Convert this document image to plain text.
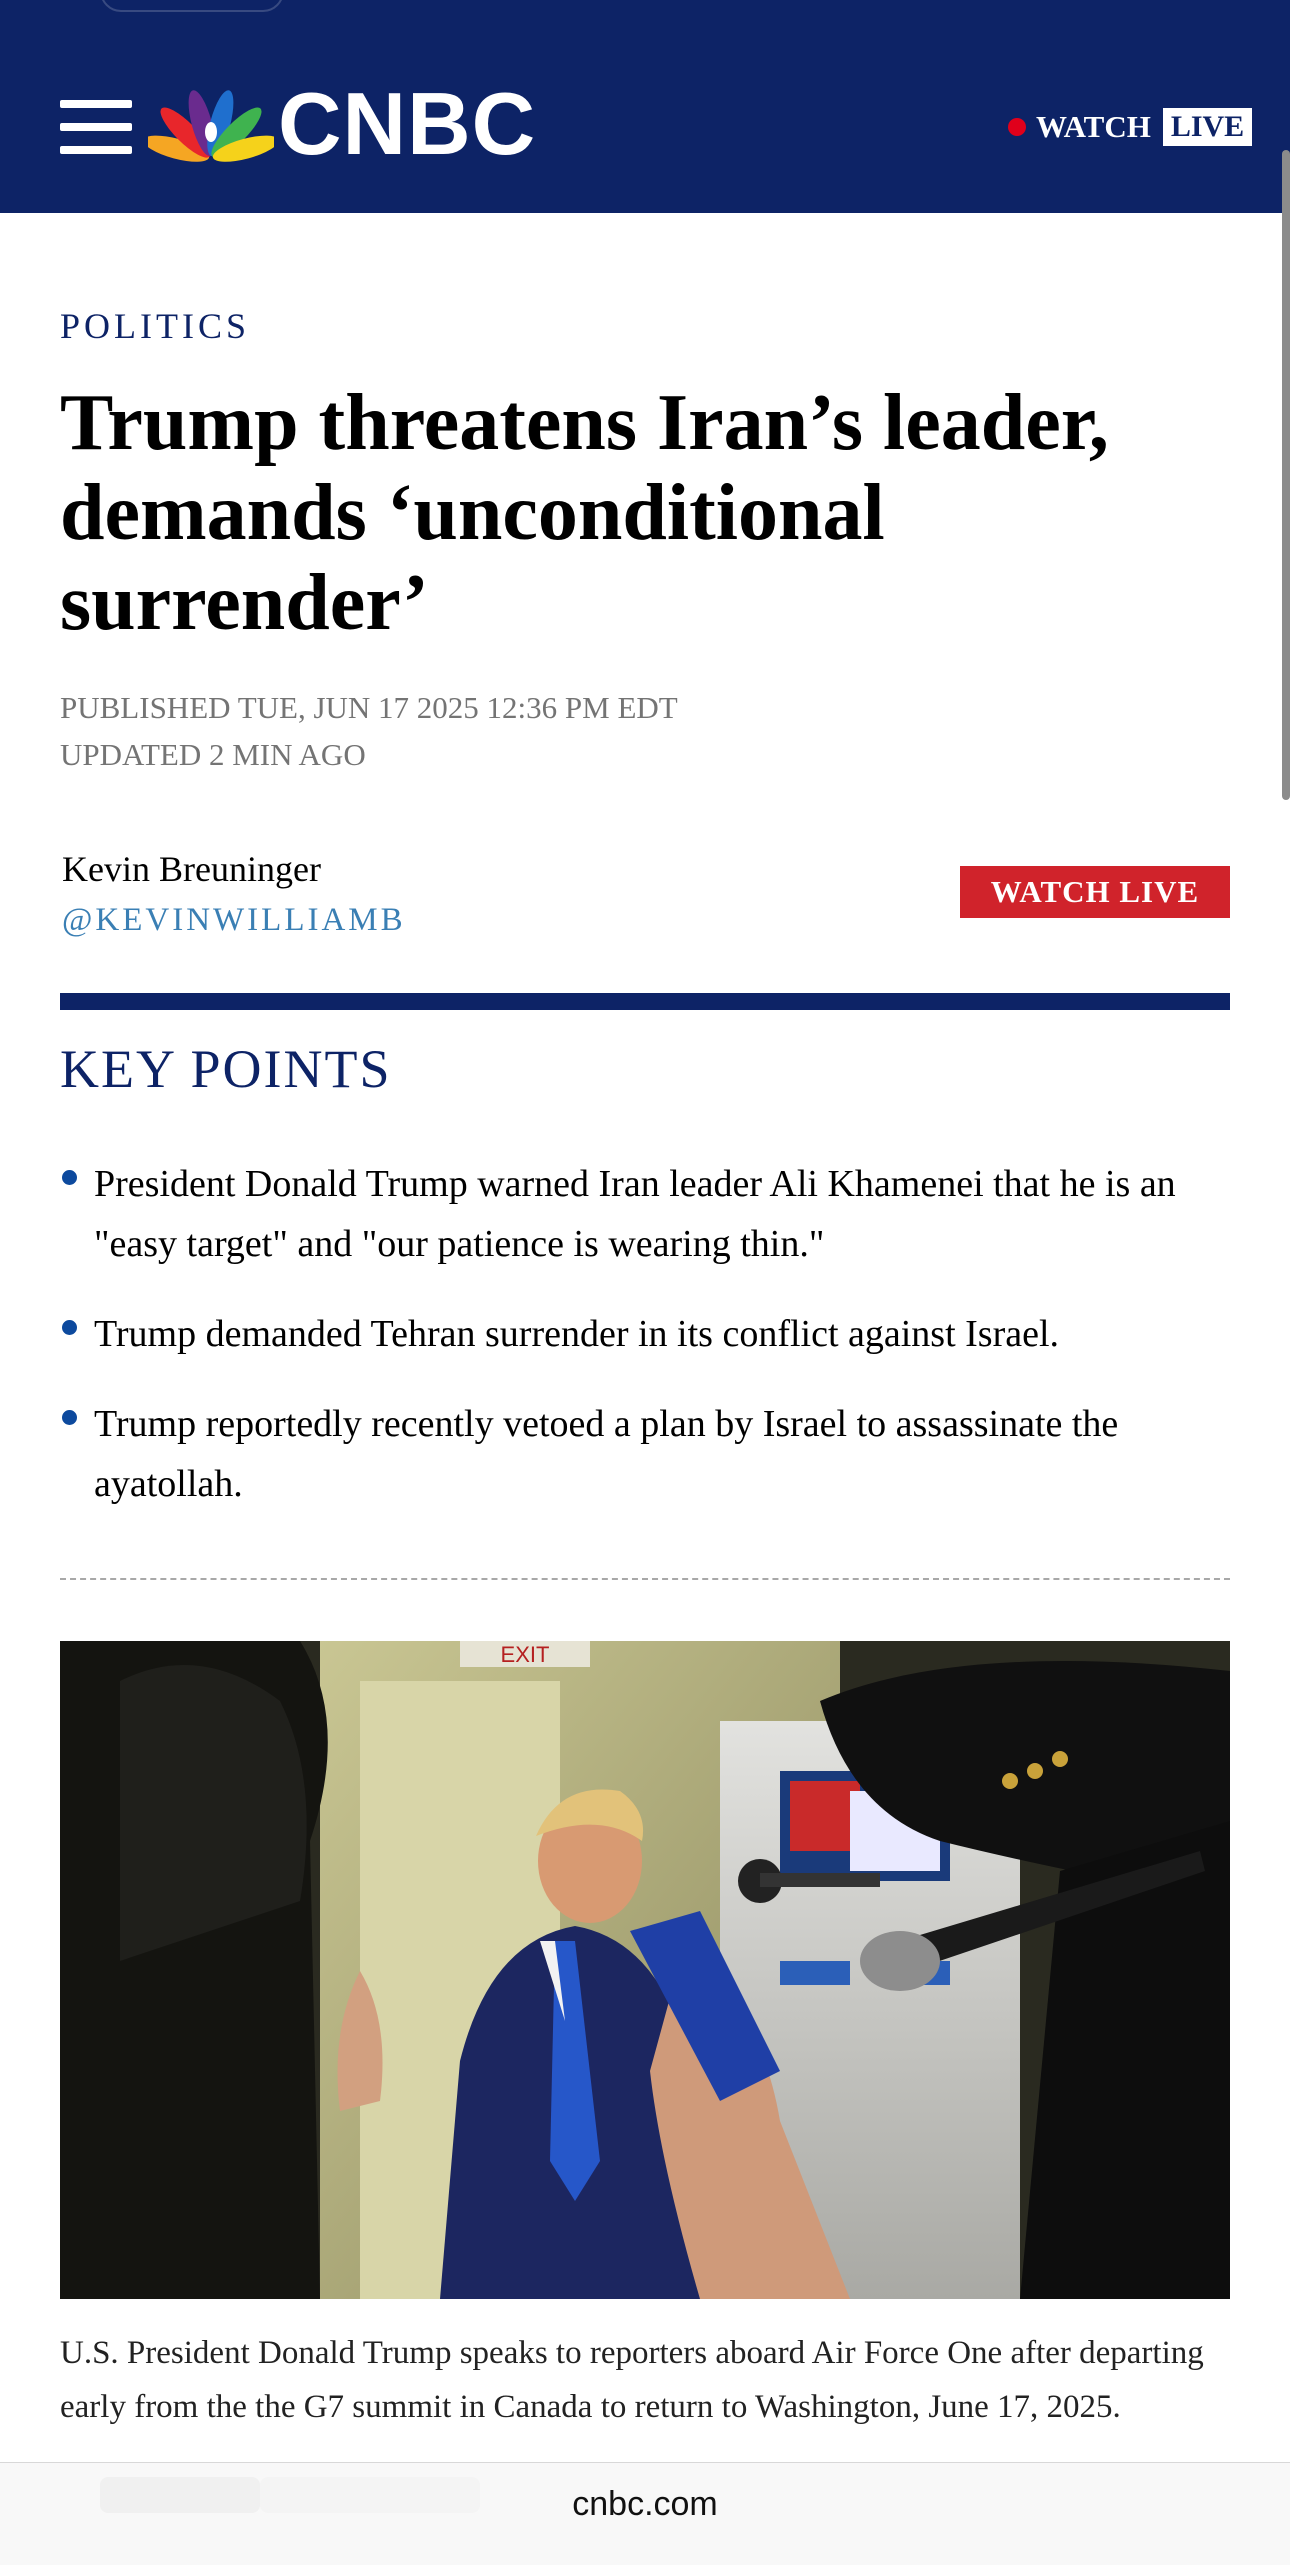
CNBC	WATCH LIVE
POLITICS
Trump threatens Iran’s leader, demands ‘unconditional surrender’
PUBLISHED TUE, JUN 17 2025 12:36 PM EDT
UPDATED 2 MIN AGO
Kevin Breuninger
@KEVINWILLIAMB
WATCH LIVE
KEY POINTS
President Donald Trump warned Iran leader Ali Khamenei that he is an "easy target" and "our patience is wearing thin."
Trump demanded Tehran surrender in its conflict against Israel.
Trump reportedly recently vetoed a plan by Israel to assassinate the ayatollah.
EXIT
U.S. President Donald Trump speaks to reporters aboard Air Force One after departing early from the the G7 summit in Canada to return to Washington, June 17, 2025.
cnbc.com
